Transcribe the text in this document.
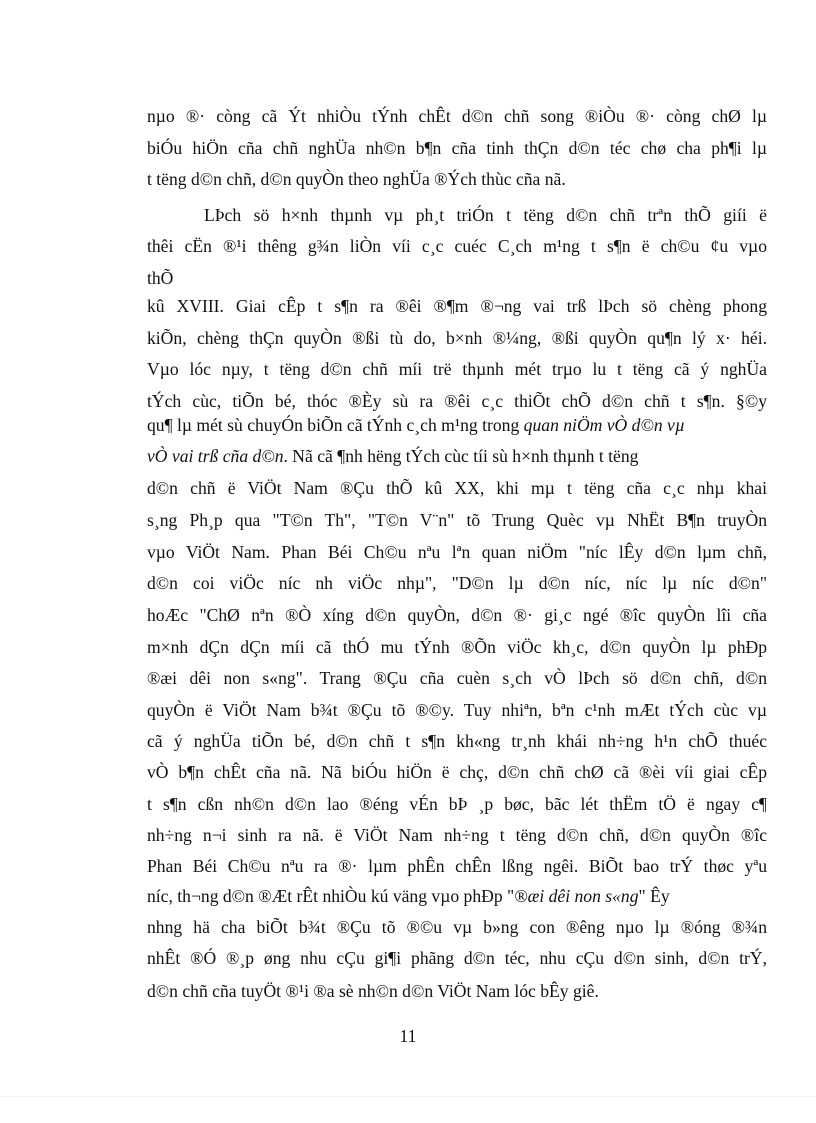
nµo ®· còng cã Ýt nhiÒu tÝnh chÊt d©n chñ song ®iÒu ®· còng chØ lµ
biÓu hiÖn cña chñ nghÜa nh©n b¶n cña tinh thÇn d©n téc chø cha ph¶i lµ
t tëng d©n chñ, d©n quyÒn theo nghÜa ®Ých thùc cña nã.
LÞch sö h×nh thµnh vµ ph¸t triÓn t tëng d©n chñ trªn thÕ giíi ë
thêi cËn ®¹i thêng g¾n liÒn víi c¸c cuéc C¸ch m¹ng t s¶n ë ch©u ¢u vµo
thÕ
kû XVIII. Giai cÊp t s¶n ra ®êi ®¶m ®¬ng vai trß lÞch sö chèng phong
kiÕn, chèng thÇn quyÒn ®ßi tù do, b×nh ®¼ng, ®ßi quyÒn qu¶n lý x· héi.
Vµo lóc nµy, t tëng d©n chñ míi trë thµnh mét trµo lu t tëng cã ý nghÜa
tÝch cùc, tiÕn bé, thóc ®Èy sù ra ®êi c¸c thiÕt chÕ d©n chñ t s¶n. §©y
qu¶ lµ mét sù chuyÓn biÕn cã tÝnh c¸ch m¹ng trong quan niÖm vÒ d©n vµ
vÒ vai trß cña d©n. Nã cã ¶nh hëng tÝch cùc tíi sù h×nh thµnh t tëng
d©n chñ ë ViÖt Nam ®Çu thÕ kû XX, khi mµ t tëng cña c¸c nhµ khai
s¸ng Ph¸p qua "T©n Th", "T©n V¨n" tõ Trung Quèc vµ NhËt B¶n truyÒn
vµo ViÖt Nam. Phan Béi Ch©u nªu lªn quan niÖm "níc lÊy d©n lµm chñ,
d©n coi viÖc níc nh viÖc nhµ", "D©n lµ d©n níc, níc lµ níc d©n"
hoÆc "ChØ nªn ®Ò xíng d©n quyÒn, d©n ®· gi¸c ngé ®îc quyÒn lîi cña
m×nh dÇn dÇn míi cã thÓ mu tÝnh ®Õn viÖc kh¸c, d©n quyÒn lµ phÐp
®æi dêi non s«ng". Trang ®Çu cña cuèn s¸ch vÒ lÞch sö d©n chñ, d©n
quyÒn ë ViÖt Nam b¾t ®Çu tõ ®©y. Tuy nhiªn, bªn c¹nh mÆt tÝch cùc vµ
cã ý nghÜa tiÕn bé, d©n chñ t s¶n kh«ng tr¸nh khái nh÷ng h¹n chÕ thuéc
vÒ b¶n chÊt cña nã. Nã biÓu hiÖn ë chç, d©n chñ chØ cã ®èi víi giai cÊp
t s¶n cßn nh©n d©n lao ®éng vÉn bÞ ¸p bøc, bãc lét thËm tÖ ë ngay c¶
nh÷ng n¬i sinh ra nã. ë ViÖt Nam nh÷ng t tëng d©n chñ, d©n quyÒn ®îc
Phan Béi Ch©u nªu ra ®· lµm phÊn chÊn lßng ngêi. BiÕt bao trÝ thøc yªu
níc, th¬ng d©n ®Æt rÊt nhiÒu kú väng vµo phÐp "®æi dêi non s«ng" Êy
nhng hä cha biÕt b¾t ®Çu tõ ®©u vµ b»ng con ®êng nµo lµ ®óng ®¾n
nhÊt ®Ó ®¸p øng nhu cÇu gi¶i phãng d©n téc, nhu cÇu d©n sinh, d©n trÝ,
d©n chñ cña tuyÖt ®¹i ®a sè nh©n d©n ViÖt Nam lóc bÊy giê.
11
